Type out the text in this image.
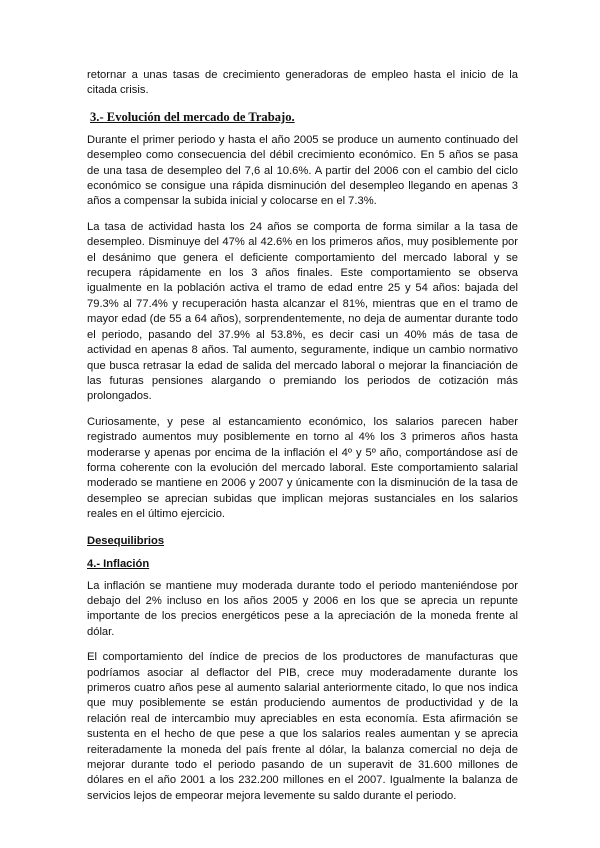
retornar a unas tasas de crecimiento generadoras de empleo hasta el inicio de la citada crisis.

3.- Evolución del mercado de Trabajo.

Durante el primer periodo y hasta el año 2005 se produce un aumento continuado del desempleo como consecuencia del débil crecimiento económico. En 5 años se pasa de una tasa de desempleo del 7,6 al 10.6%. A partir del 2006 con el cambio del ciclo económico se consigue una rápida disminución del desempleo llegando en apenas 3 años a compensar la subida inicial y colocarse en el 7.3%.

La tasa de actividad hasta los 24 años se comporta de forma similar a la tasa de desempleo. Disminuye del 47% al 42.6% en los primeros años, muy posiblemente por el desánimo que genera el deficiente comportamiento del mercado laboral y se recupera rápidamente en los 3 años finales. Este comportamiento se observa igualmente en la población activa el tramo de edad entre 25 y 54 años: bajada del 79.3% al 77.4% y recuperación hasta alcanzar el 81%, mientras que en el tramo de mayor edad (de 55 a 64 años), sorprendentemente, no deja de aumentar durante todo el periodo, pasando del 37.9% al 53.8%, es decir casi un 40% más de tasa de actividad en apenas 8 años. Tal aumento, seguramente, indique un cambio normativo que busca retrasar la edad de salida del mercado laboral o mejorar la financiación de las futuras pensiones alargando o premiando los periodos de cotización más prolongados.

Curiosamente, y pese al estancamiento económico, los salarios parecen haber registrado aumentos muy posiblemente en torno al 4% los 3 primeros años hasta moderarse y apenas por encima de la inflación el 4º y 5º año, comportándose así de forma coherente con la evolución del mercado laboral. Este comportamiento salarial moderado se mantiene en 2006 y 2007 y únicamente con la disminución de la tasa de desempleo se aprecian subidas que implican mejoras sustanciales en los salarios reales en el último ejercicio.

Desequilibrios
4.- Inflación

La inflación se mantiene muy moderada durante todo el periodo manteniéndose por debajo del 2% incluso en los años 2005 y 2006 en los que se aprecia un repunte importante de los precios energéticos pese a la apreciación de la moneda frente al dólar.

El comportamiento del índice de precios de los productores de manufacturas que podríamos asociar al deflactor del PIB, crece muy moderadamente durante los primeros cuatro años pese al aumento salarial anteriormente citado, lo que nos indica que muy posiblemente se están produciendo aumentos de productividad y de la relación real de intercambio muy apreciables en esta economía. Esta afirmación se sustenta en el hecho de que pese a que los salarios reales aumentan y se aprecia reiteradamente la moneda del país frente al dólar, la balanza comercial no deja de mejorar durante todo el periodo pasando de un superavit de 31.600 millones de dólares en el año 2001 a los 232.200 millones en el 2007. Igualmente la balanza de servicios lejos de empeorar mejora levemente su saldo durante el periodo.
